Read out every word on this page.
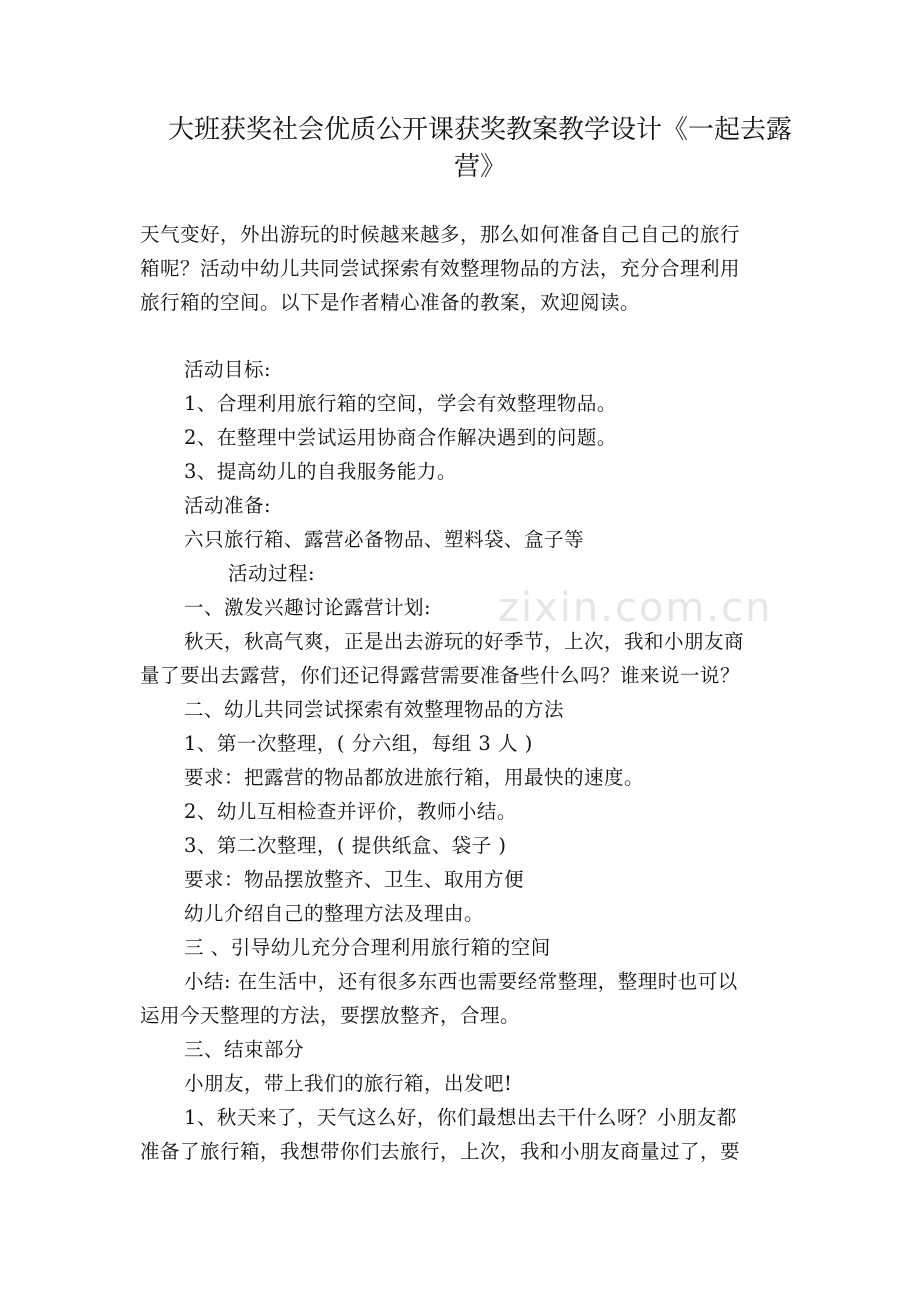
zixin.com.cn
大班获奖社会优质公开课获奖教案教学设计《一起去露
营》
天气变好，外出游玩的时候越来越多，那么如何准备自己自己的旅行
箱呢？活动中幼儿共同尝试探索有效整理物品的方法，充分合理利用
旅行箱的空间。以下是作者精心准备的教案，欢迎阅读。
活动目标:
1、合理利用旅行箱的空间，学会有效整理物品。
2、在整理中尝试运用协商合作解决遇到的问题。
3、提高幼儿的自我服务能力。
活动准备:
六只旅行箱、露营必备物品、塑料袋、盒子等
活动过程:
一、激发兴趣讨论露营计划:
秋天，秋高气爽，正是出去游玩的好季节，上次，我和小朋友商
量了要出去露营，你们还记得露营需要准备些什么吗？谁来说一说？
二、幼儿共同尝试探索有效整理物品的方法
1、第一次整理，( 分六组，每组 3 人 )
要求：把露营的物品都放进旅行箱，用最快的速度。
2、幼儿互相检查并评价，教师小结。
3、第二次整理，( 提供纸盒、袋子 )
要求：物品摆放整齐、卫生、取用方便
幼儿介绍自己的整理方法及理由。
三 、引导幼儿充分合理利用旅行箱的空间
小结: 在生活中，还有很多东西也需要经常整理，整理时也可以
运用今天整理的方法，要摆放整齐，合理。
三、结束部分
小朋友，带上我们的旅行箱，出发吧!
1、秋天来了，天气这么好，你们最想出去干什么呀？小朋友都
准备了旅行箱，我想带你们去旅行，上次，我和小朋友商量过了，要
